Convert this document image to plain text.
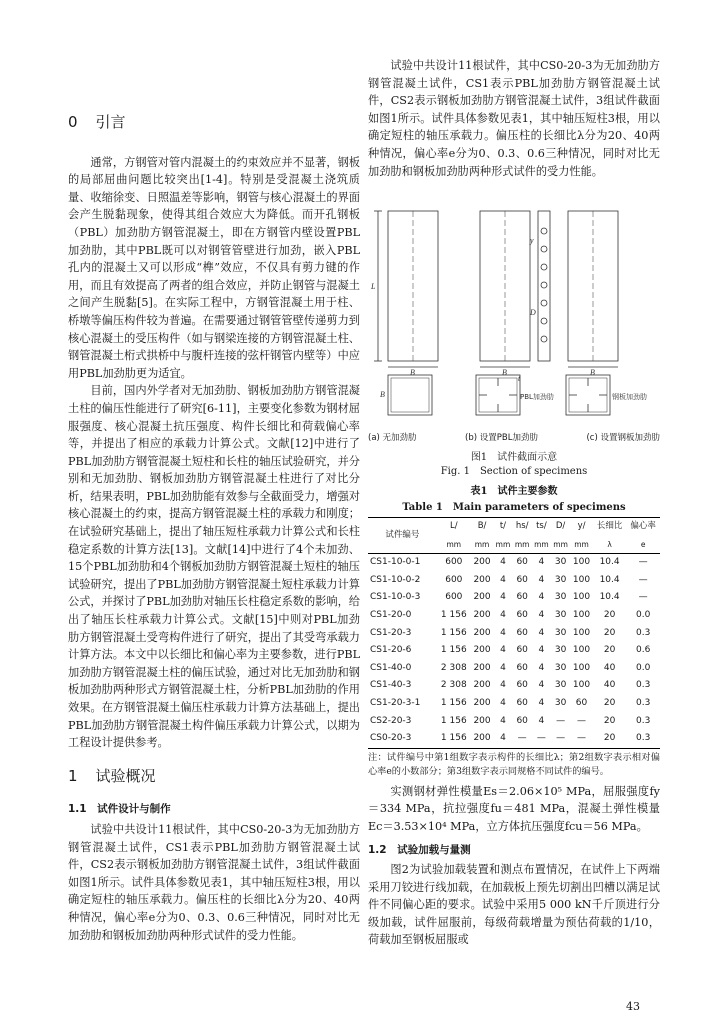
0 引言

通常，方钢管对管内混凝土的约束效应并不显著，钢板的局部屈曲问题比较突出[1-4]。特别是受混凝土浇筑质量、收缩徐变、日照温差等影响，钢管与核心混凝土的界面会产生脱黏现象，使得其组合效应大为降低。而开孔钢板（PBL）加劲肋方钢管混凝土，即在方钢管内壁设置PBL加劲肋，其中PBL既可以对钢管管壁进行加劲，嵌入PBL孔内的混凝土又可以形成“榫”效应，不仅具有剪力键的作用，而且有效提高了两者的组合效应，并防止钢管与混凝土之间产生脱黏[5]。在实际工程中，方钢管混凝土用于柱、桥墩等偏压构件较为普遍。在需要通过钢管管壁传递剪力到核心混凝土的受压构件（如与钢梁连接的方钢管混凝土柱、钢管混凝土桁式拱桥中与腹杆连接的弦杆钢管内壁等）中应用PBL加劲肋更为适宜。

目前，国内外学者对无加劲肋、钢板加劲肋方钢管混凝土柱的偏压性能进行了研究[6-11]，主要变化参数为钢材屈服强度、核心混凝土抗压强度、构件长细比和荷载偏心率等，并提出了相应的承载力计算公式。文献[12]中进行了PBL加劲肋方钢管混凝土短柱和长柱的轴压试验研究，并分别和无加劲肋、钢板加劲肋方钢管混凝土柱进行了对比分析，结果表明，PBL加劲肋能有效参与全截面受力，增强对核心混凝土的约束，提高方钢管混凝土柱的承载力和刚度；在试验研究基础上，提出了轴压短柱承载力计算公式和长柱稳定系数的计算方法[13]。文献[14]中进行了4个未加劲、15个PBL加劲肋和4个钢板加劲肋方钢管混凝土短柱的轴压试验研究，提出了PBL加劲肋方钢管混凝土短柱承载力计算公式，并探讨了PBL加劲肋对轴压长柱稳定系数的影响，给出了轴压长柱承载力计算公式。文献[15]中则对PBL加劲肋方钢管混凝土受弯构件进行了研究，提出了其受弯承载力计算方法。本文中以长细比和偏心率为主要参数，进行PBL加劲肋方钢管混凝土柱的偏压试验，通过对比无加劲肋和钢板加劲肋两种形式方钢管混凝土柱，分析PBL加劲肋的作用效果。在方钢管混凝土偏压柱承载力计算方法基础上，提出PBL加劲肋方钢管混凝土构件偏压承载力计算公式，以期为工程设计提供参考。

1 试验概况
1.1　试件设计与制作

试验中共设计11根试件，其中CS0-20-3为无加劲肋方钢管混凝土试件，CS1表示PBL加劲肋方钢管混凝土试件，CS2表示钢板加劲肋方钢管混凝土试件，3组试件截面如图1所示。试件具体参数见表1，其中轴压短柱3根，用以确定短柱的轴压承载力。偏压柱的长细比λ分为20、40两种情况，偏心率e分为0、0.3、0.6三种情况，同时对比无加劲肋和钢板加劲肋两种形式试件的受力性能。

试验中共设计11根试件，其中CS0-20-3为无加劲肋方钢管混凝土试件，CS1表示PBL加劲肋方钢管混凝土试件，CS2表示钢板加劲肋方钢管混凝土试件，3组试件截面如图1所示。试件具体参数见表1，其中轴压短柱3根，用以确定短柱的轴压承载力。偏压柱的长细比λ分为20、40两种情况，偏心率e分为0、0.3、0.6三种情况，同时对比无加劲肋和钢板加劲肋两种形式试件的受力性能。

L
B	B	B
y
D
t
B	PBL加劲肋	钢板加劲肋
(a) 无加劲肋	(b) 设置PBL加劲肋	(c) 设置钢板加劲肋
图1　试件截面示意
Fig. 1　Section of specimens
表1　试件主要参数
Table 1　Main parameters of specimens
试件编号	L/	B/	t/	hs/	ts/	D/	y/	长细比	偏心率
	mm	mm	mm	mm	mm	mm	mm	λ	e
CS1-10-0-1	600	200	4	60	4	30	100	10.4	—
CS1-10-0-2	600	200	4	60	4	30	100	10.4	—
CS1-10-0-3	600	200	4	60	4	30	100	10.4	—
CS1-20-0	1 156	200	4	60	4	30	100	20	0.0
CS1-20-3	1 156	200	4	60	4	30	100	20	0.3
CS1-20-6	1 156	200	4	60	4	30	100	20	0.6
CS1-40-0	2 308	200	4	60	4	30	100	40	0.0
CS1-40-3	2 308	200	4	60	4	30	100	40	0.3
CS1-20-3-1	1 156	200	4	60	4	30	60	20	0.3
CS2-20-3	1 156	200	4	60	4	—	—	20	0.3
CS0-20-3	1 156	200	4	—	—	—	—	20	0.3
注：试件编号中第1组数字表示构件的长细比λ；第2组数字表示相对偏心率e的小数部分；第3组数字表示同规格不同试件的编号。

实测钢材弹性模量Es＝2.06×10⁵ MPa，屈服强度fy＝334 MPa，抗拉强度fu＝481 MPa，混凝土弹性模量Ec＝3.53×10⁴ MPa，立方体抗压强度fcu＝56 MPa。

1.2　试验加载与量测

图2为试验加载装置和测点布置情况，在试件上下两端采用刀铰进行线加载，在加载板上预先切割出凹槽以满足试件不同偏心距的要求。试验中采用5 000 kN千斤顶进行分级加载，试件屈服前，每级荷载增量为预估荷载的1/10，荷载加至钢板屈服或

43
